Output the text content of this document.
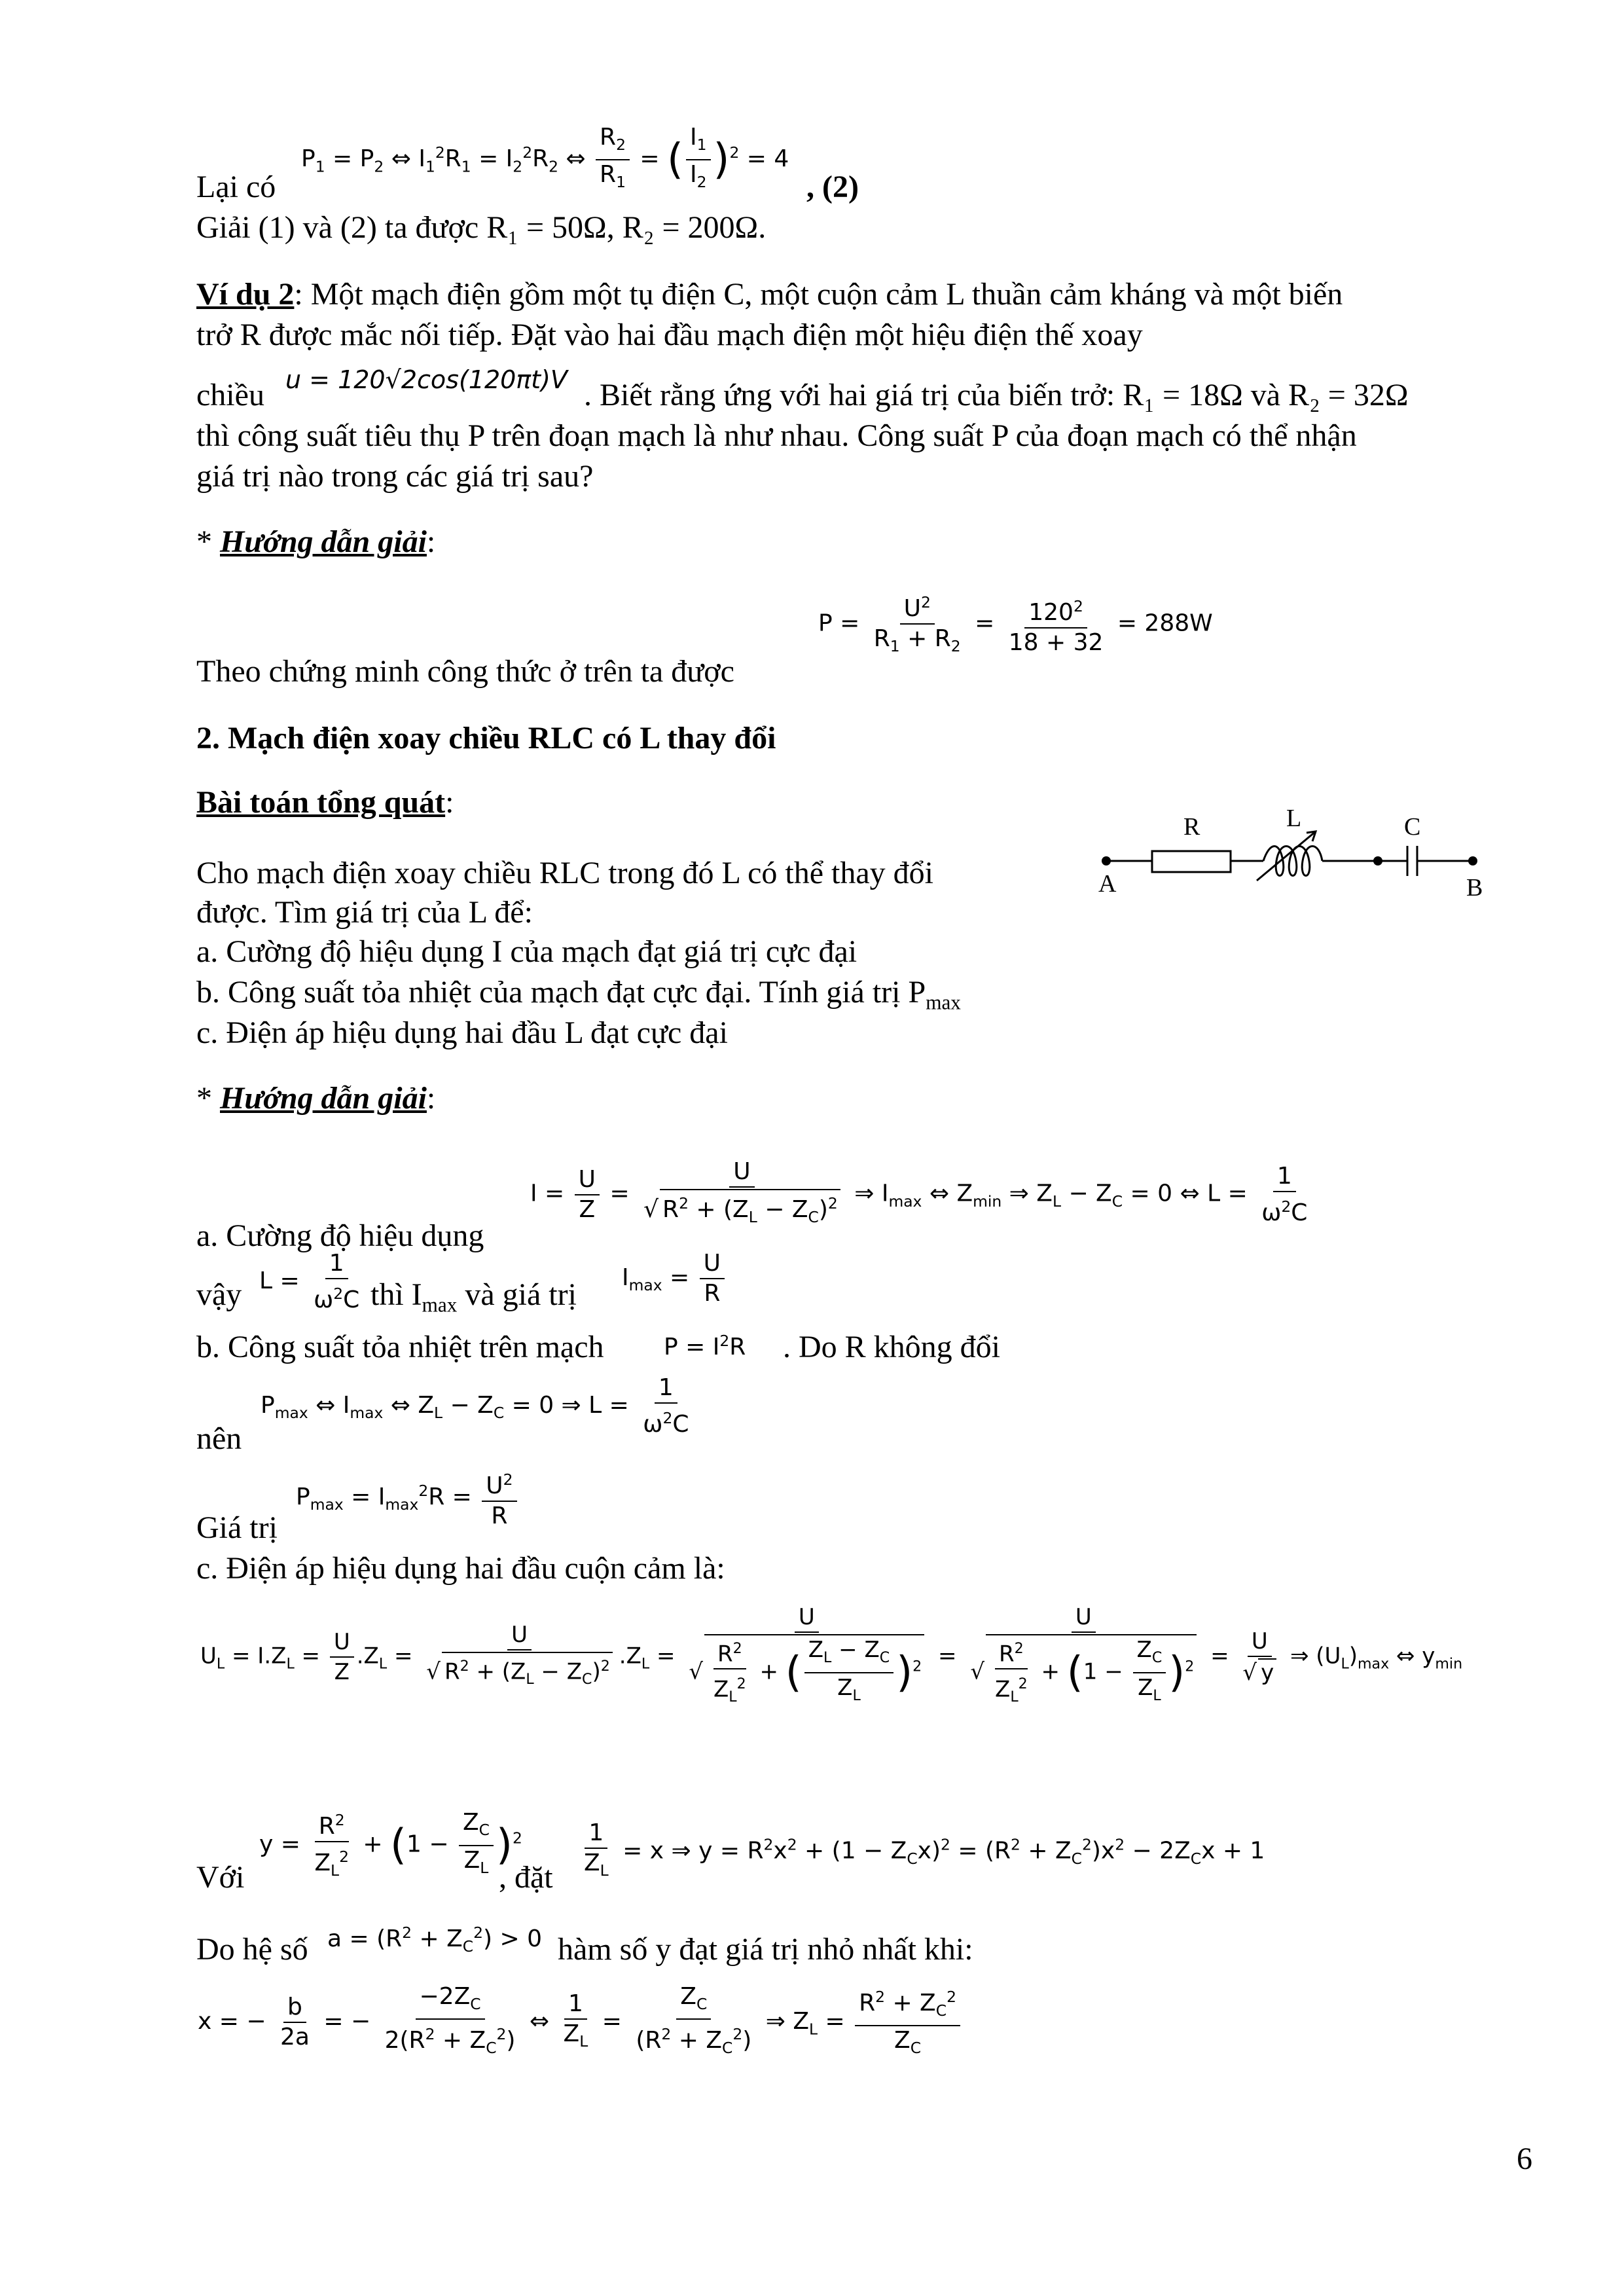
$P_1 = P_2$ ⇔ $I_1^2R_1 = I_2^2R_2$ ⇔ $\frac{R_2}{R_1}$ = ( $\frac{I_1}{I_2} )^2 = 4$
Lại có	, (2)
Giải (1) và (2) ta được R₁ = 50Ω, R₂ = 200Ω.
Ví dụ 2: Một mạch điện gồm một tụ điện C, một cuộn cảm L thuần cảm kháng và một biến
trở R được mắc nối tiếp. Đặt vào hai đầu mạch điện một hiệu điện thế xoay
chiều u = 120√2cos(120πt)V . Biết rằng ứng với hai giá trị của biến trở: R₁ = 18Ω và R₂ = 32Ω
thì công suất tiêu thụ P trên đoạn mạch là như nhau. Công suất P của đoạn mạch có thể nhận
giá trị nào trong các giá trị sau?
* Hướng dẫn giải:
$P = \frac{U^2}{R_1 + R_2} = \frac{120^2}{18 + 32} = 288W$
Theo chứng minh công thức ở trên ta được
2. Mạch điện xoay chiều RLC có L thay đổi
Bài toán tổng quát:
R	L	C
A	B
Cho mạch điện xoay chiều RLC trong đó L có thể thay đổi
được. Tìm giá trị của L để:
a. Cường độ hiệu dụng I của mạch đạt giá trị cực đại
b. Công suất tỏa nhiệt của mạch đạt cực đại. Tính giá trị $P_{max}$
c. Điện áp hiệu dụng hai đầu L đạt cực đại
* Hướng dẫn giải:
$I = \frac{U}{Z} = \frac{U}{√ R^2 + (Z_L - Z_C)^2}$ ⇒ $I_{max}$ ⇔ $Z_{min}$ ⇒ $Z_L - Z_C = 0$ ⇔ $L = \frac{1}{\omega^2C}$
a. Cường độ hiệu dụng
vậy $L = \frac{1}{\omega^2C}$ thì $I_{max}$ và giá trị $I_{max} = \frac{U}{R}$
b. Công suất tỏa nhiệt trên mạch	$P = I^2R$ . Do R không đổi
$P_{max}$ ⇔ $I_{max}$ ⇔ $Z_L - Z_C = 0$ ⇒ $L = \frac{1}{\omega^2C}$
nên
$P_{max} = I_{max}^2R = \frac{U^2}{R}$
Giá trị
c. Điện áp hiệu dụng hai đầu cuộn cảm là:
$U_L = I.Z_L = \frac{U}{Z} .Z_L = \frac{U}{√ R^2 + (Z_L - Z_C)^2} .Z_L = \frac{U}{√ \frac{R^2}{Z_L^2} + ( \frac{Z_L - Z_C}{Z_L} )^2} = \frac{U}{√ \frac{R^2}{Z_L^2} + (1 - \frac{Z_C}{Z_L} )^2} = \frac{U}{√ y}$ ⇒ $(U_L)_{max}$ ⇔ $y_{min}$
$y = \frac{R^2}{Z_L^2} + (1 - \frac{Z_C}{Z_L} )^2$
Với	, đặt $\frac{1}{Z_L} = x$ ⇒ $y = R^2x^2 + (1 - Z_Cx)^2 = (R^2 + Z_C^2)x^2 - 2Z_Cx + 1$
Do hệ số $a = (R^2 + Z_C^2) > 0$ hàm số y đạt giá trị nhỏ nhất khi:
x = − $\frac{b}{2a}$ = − $\frac{-2Z_C}{2(R^2 + Z_C^2)}$ ⇔ $\frac{1}{Z_L} = \frac{Z_C}{(R^2 + Z_C^2)}$ ⇒ $Z_L = \frac{R^2 + Z_C^2}{Z_C}$
6
